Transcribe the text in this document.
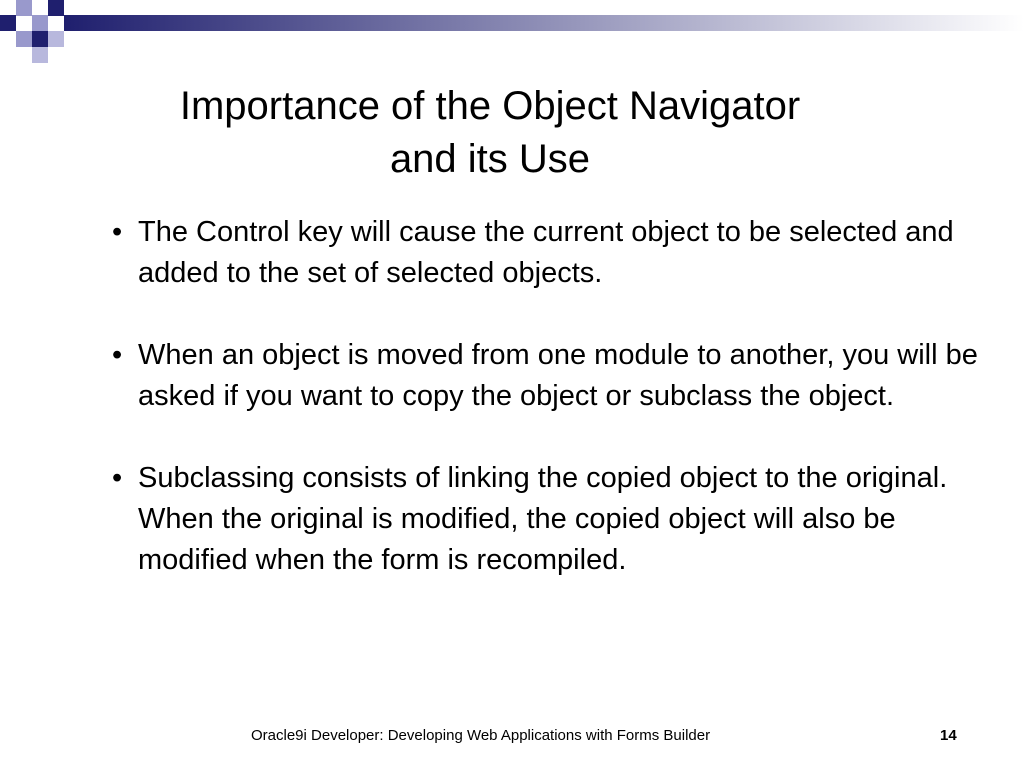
Importance of the Object Navigator
and its Use
• The Control key will cause the current object to be selected and added to the set of selected objects.
• When an object is moved from one module to another, you will be asked if you want to copy the object or subclass the object.
• Subclassing consists of linking the copied object to the original. When the original is modified, the copied object will also be modified when the form is recompiled.
Oracle9i Developer: Developing Web Applications with Forms Builder	14
